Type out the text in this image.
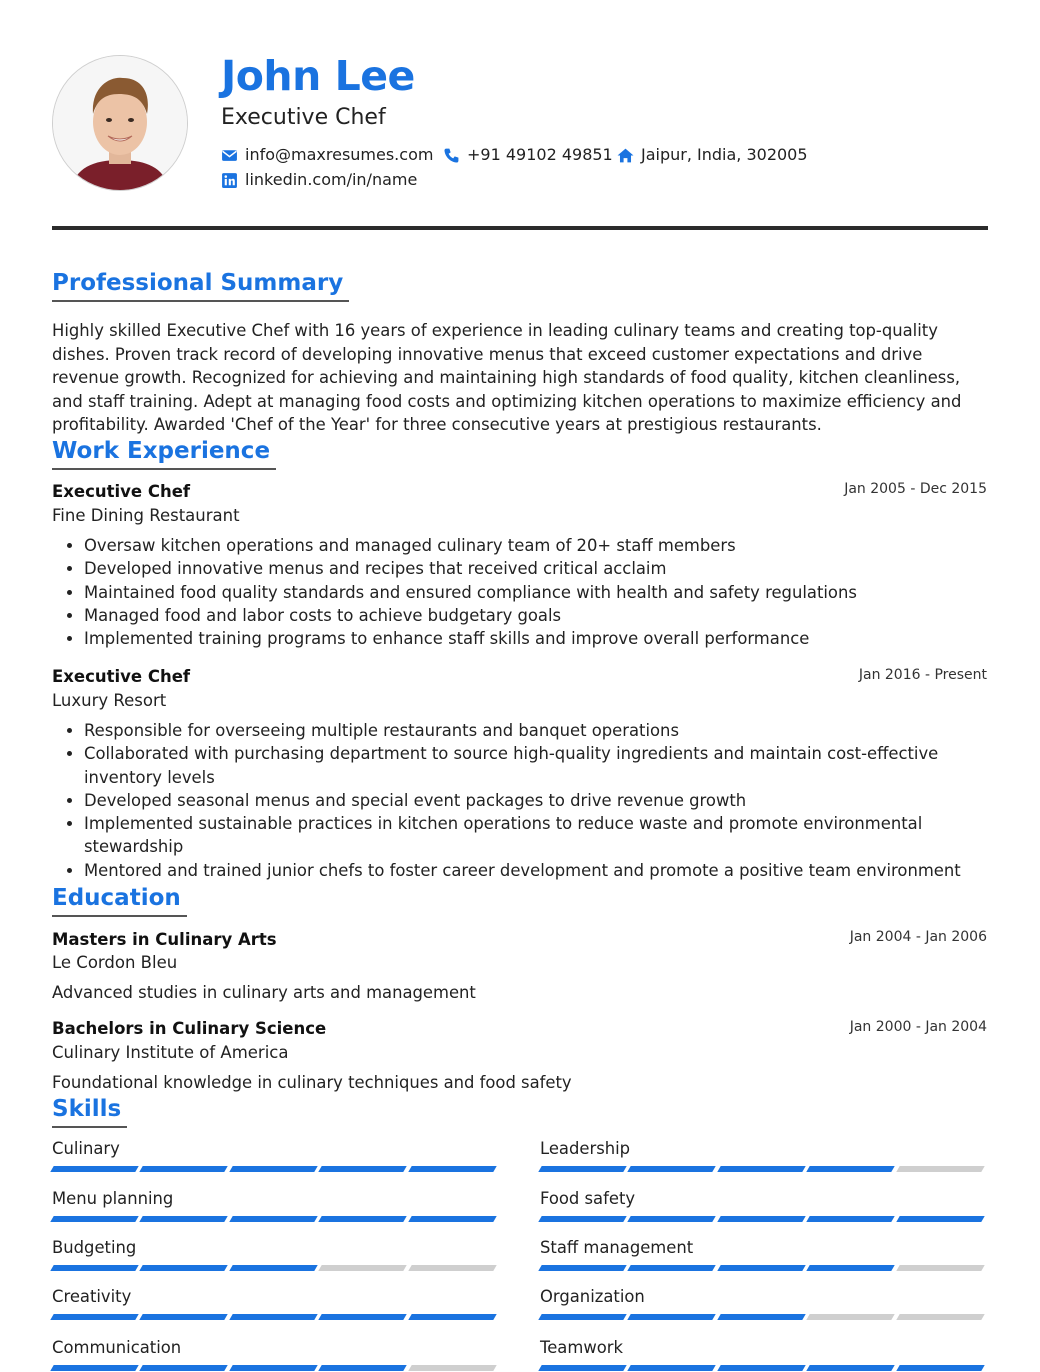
John Lee
Executive Chef
info@maxresumes.com +91 49102 49851 Jaipur, India, 302005
linkedin.com/in/name
Professional Summary
Highly skilled Executive Chef with 16 years of experience in leading culinary teams and creating top-quality dishes. Proven track record of developing innovative menus that exceed customer expectations and drive revenue growth. Recognized for achieving and maintaining high standards of food quality, kitchen cleanliness, and staff training. Adept at managing food costs and optimizing kitchen operations to maximize efficiency and profitability. Awarded 'Chef of the Year' for three consecutive years at prestigious restaurants.
Work Experience
Executive Chef	Jan 2005 - Dec 2015
Fine Dining Restaurant
• Oversaw kitchen operations and managed culinary team of 20+ staff members
• Developed innovative menus and recipes that received critical acclaim
• Maintained food quality standards and ensured compliance with health and safety regulations
• Managed food and labor costs to achieve budgetary goals
• Implemented training programs to enhance staff skills and improve overall performance
Executive Chef	Jan 2016 - Present
Luxury Resort
• Responsible for overseeing multiple restaurants and banquet operations
• Collaborated with purchasing department to source high-quality ingredients and maintain cost-effective inventory levels
• Developed seasonal menus and special event packages to drive revenue growth
• Implemented sustainable practices in kitchen operations to reduce waste and promote environmental stewardship
• Mentored and trained junior chefs to foster career development and promote a positive team environment
Education
Masters in Culinary Arts	Jan 2004 - Jan 2006
Le Cordon Bleu
Advanced studies in culinary arts and management
Bachelors in Culinary Science	Jan 2000 - Jan 2004
Culinary Institute of America
Foundational knowledge in culinary techniques and food safety
Skills
Culinary	Leadership
Menu planning	Food safety
Budgeting	Staff management
Creativity	Organization
Communication	Teamwork
